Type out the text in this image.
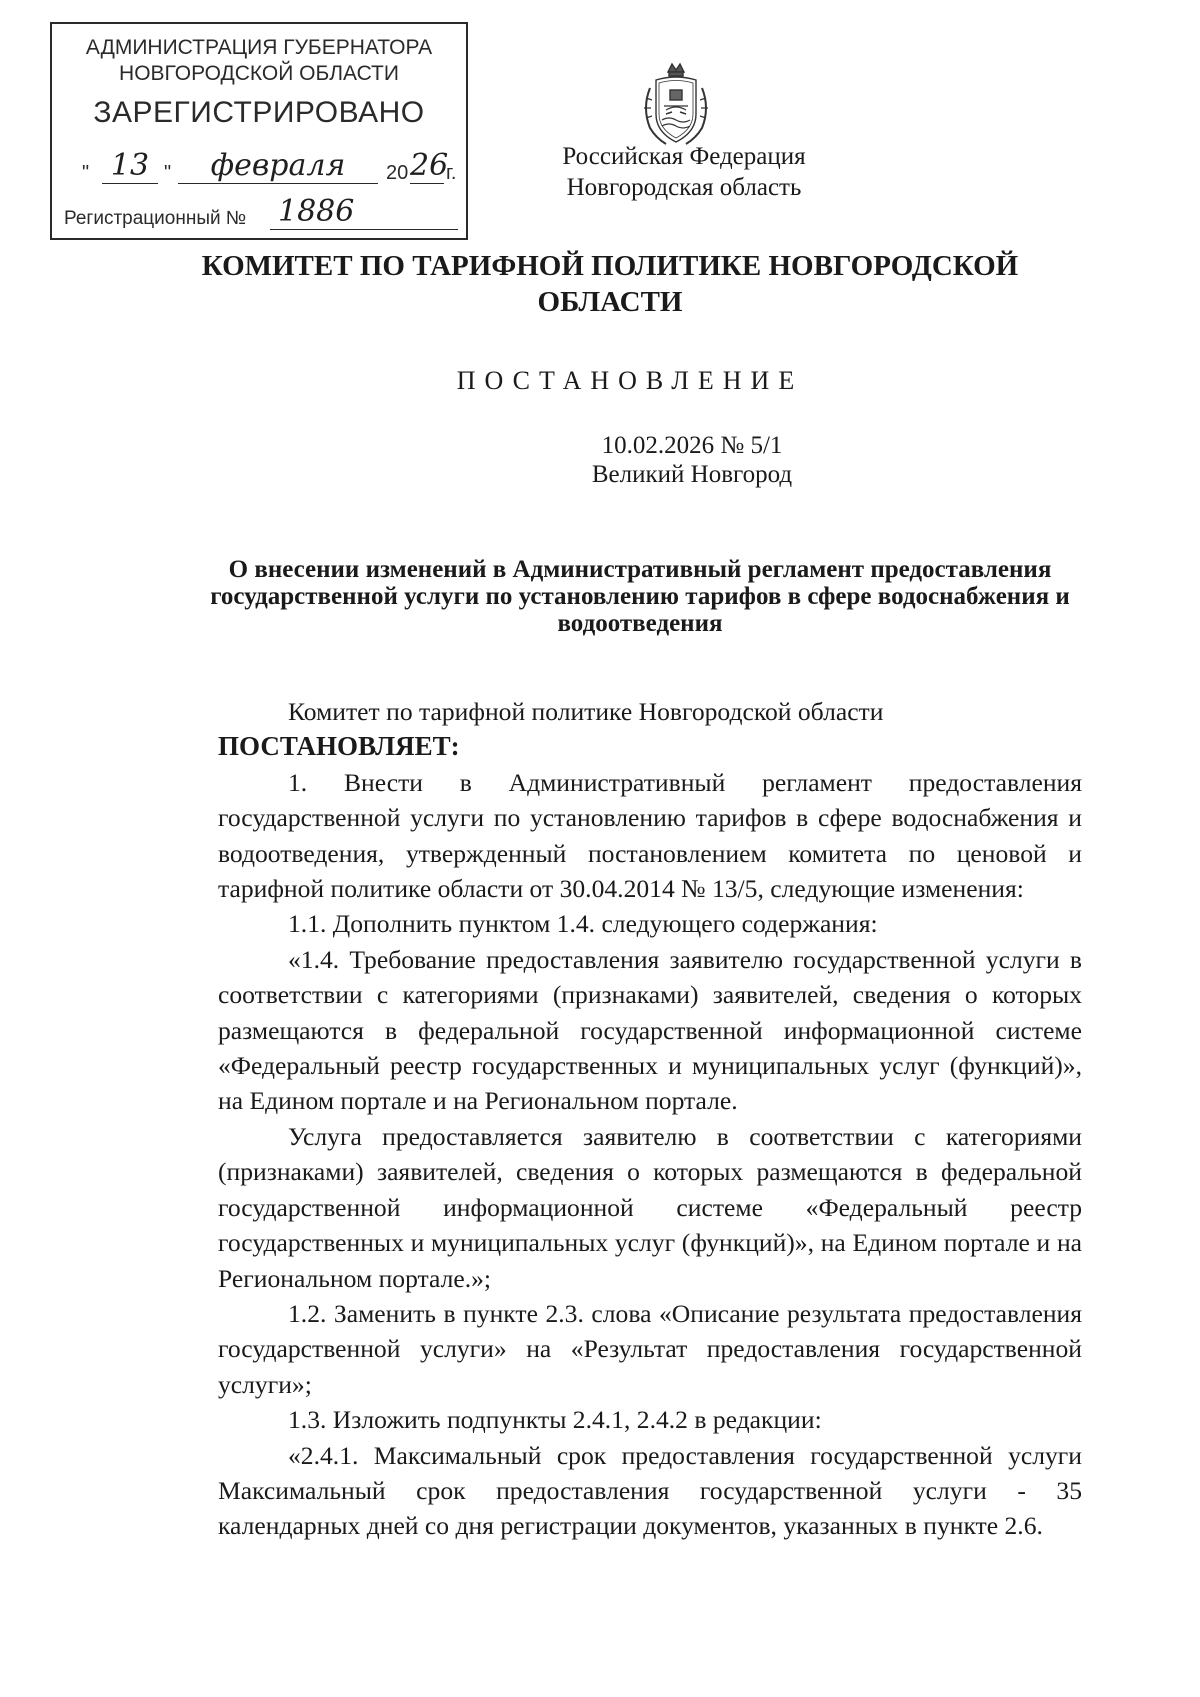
АДМИНИСТРАЦИЯ ГУБЕРНАТОРА
НОВГОРОДСКОЙ ОБЛАСТИ
ЗАРЕГИСТРИРОВАНО
" 13 "	февраля	20 26
г.
Регистрационный № 1886
Российская Федерация
Новгородская область
КОМИТЕТ ПО ТАРИФНОЙ ПОЛИТИКЕ НОВГОРОДСКОЙ ОБЛАСТИ
ПОСТАНОВЛЕНИЕ
10.02.2026 № 5/1
Великий Новгород
О внесении изменений в Административный регламент предоставления государственной услуги по установлению тарифов в сфере водоснабжения и водоотведения

Комитет по тарифной политике Новгородской области

ПОСТАНОВЛЯЕТ:

1. Внести в Административный регламент предоставления государственной услуги по установлению тарифов в сфере водоснабжения и водоотведения, утвержденный постановлением комитета по ценовой и тарифной политике области от 30.04.2014 № 13/5, следующие изменения:

1.1. Дополнить пунктом 1.4. следующего содержания:

«1.4. Требование предоставления заявителю государственной услуги в соответствии с категориями (признаками) заявителей, сведения о которых размещаются в федеральной государственной информационной системе «Федеральный реестр государственных и муниципальных услуг (функций)», на Едином портале и на Региональном портале.

Услуга предоставляется заявителю в соответствии с категориями (признаками) заявителей, сведения о которых размещаются в федеральной государственной информационной системе «Федеральный реестр государственных и муниципальных услуг (функций)», на Едином портале и на Региональном портале.»;

1.2. Заменить в пункте 2.3. слова «Описание результата предоставления государственной услуги» на «Результат предоставления государственной услуги»;

1.3. Изложить подпункты 2.4.1, 2.4.2 в редакции:

«2.4.1. Максимальный срок предоставления государственной услуги Максимальный срок предоставления государственной услуги - 35 календарных дней со дня регистрации документов, указанных в пункте 2.6.
